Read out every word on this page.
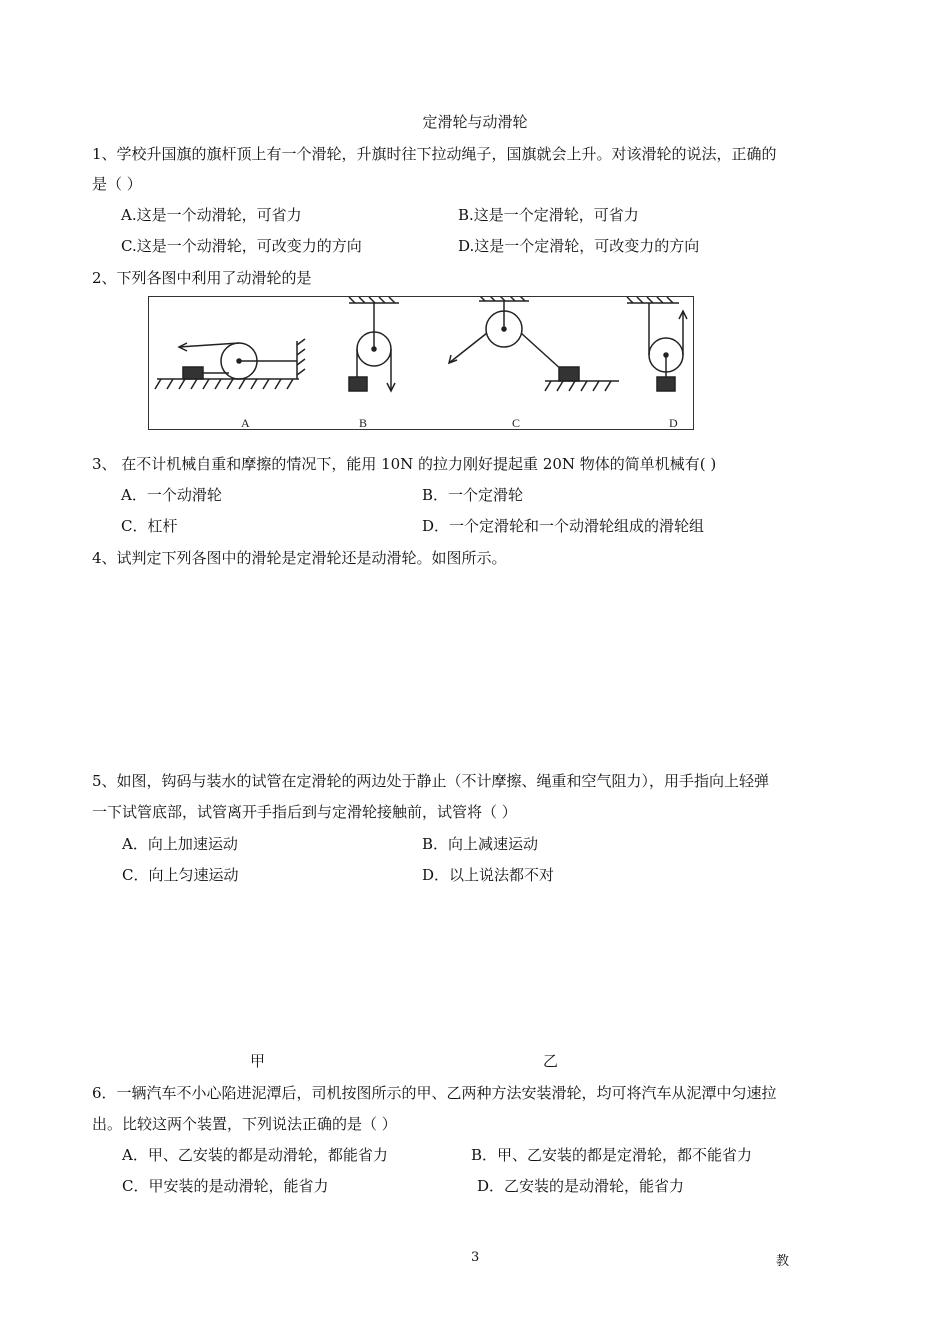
定滑轮与动滑轮
1、学校升国旗的旗杆顶上有一个滑轮，升旗时往下拉动绳子，国旗就会上升。对该滑轮的说法，正确的
是（ ）
A.这是一个动滑轮，可省力	B.这是一个定滑轮，可省力
C.这是一个动滑轮，可改变力的方向	D.这是一个定滑轮，可改变力的方向
2、下列各图中利用了动滑轮的是
A	B	C	D
3、 在不计机械自重和摩擦的情况下，能用 10N 的拉力刚好提起重 20N 物体的简单机械有( )
A．一个动滑轮	B．一个定滑轮
C．杠杆	D．一个定滑轮和一个动滑轮组成的滑轮组
4、试判定下列各图中的滑轮是定滑轮还是动滑轮。如图所示。
5、如图，钩码与装水的试管在定滑轮的两边处于静止（不计摩擦、绳重和空气阻力），用手指向上轻弹
一下试管底部，试管离开手指后到与定滑轮接触前，试管将（ ）
A．向上加速运动	B．向上减速运动
C．向上匀速运动	D．以上说法都不对
甲	乙
6．一辆汽车不小心陷进泥潭后，司机按图所示的甲、乙两种方法安装滑轮，均可将汽车从泥潭中匀速拉
出。比较这两个装置，下列说法正确的是（ ）
A．甲、乙安装的都是动滑轮，都能省力	B．甲、乙安装的都是定滑轮，都不能省力
C．甲安装的是动滑轮，能省力	D．乙安装的是动滑轮，能省力
3	教
